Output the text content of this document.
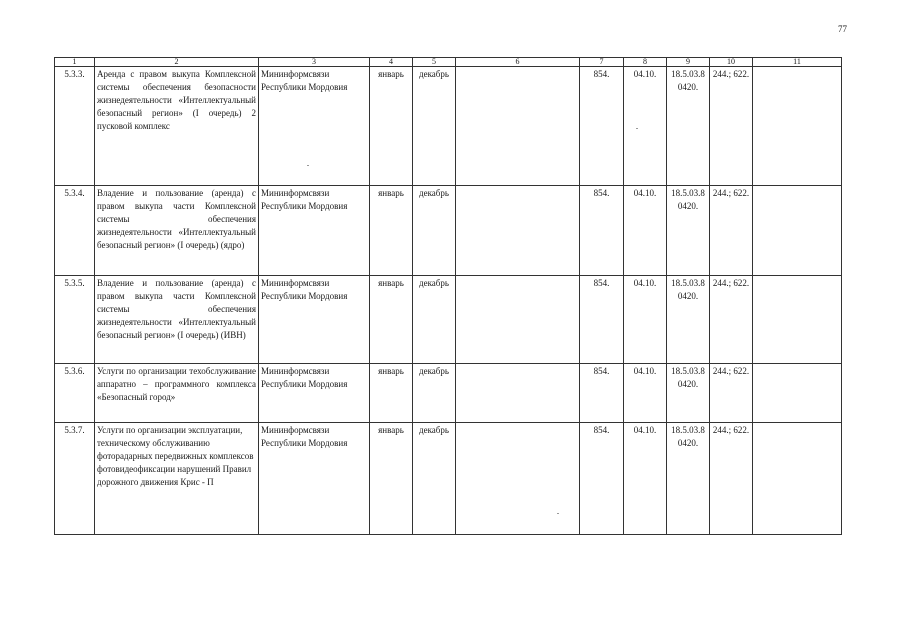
77
1	2	3	4	5	6	7	8	9	10	11
5.3.3.	Аренда с правом выкупа Комплексной системы обеспечения безопасности жизнедеятельности «Интеллектуальный безопасный регион» (I очередь) 2 пусковой комплекс	Мининформсвязи Республики Мордовия	январь	декабрь		854.	04.10.	18.5.03.8 0420.	244.; 622.	
5.3.4.	Владение и пользование (аренда) с правом выкупа части Комплексной системы обеспечения жизнедеятельности «Интеллектуальный безопасный регион» (I очередь) (ядро)	Мининформсвязи Республики Мордовия	январь	декабрь		854.	04.10.	18.5.03.8 0420.	244.; 622.	
5.3.5.	Владение и пользование (аренда) с правом выкупа части Комплексной системы обеспечения жизнедеятельности «Интеллектуальный безопасный регион» (I очередь) (ИВН)	Мининформсвязи Республики Мордовия	январь	декабрь		854.	04.10.	18.5.03.8 0420.	244.; 622.	
5.3.6.	Услуги по организации техобслуживание аппаратно – программного комплекса «Безопасный город»	Мининформсвязи Республики Мордовия	январь	декабрь		854.	04.10.	18.5.03.8 0420.	244.; 622.	
5.3.7.	Услуги по организации эксплуатации, техническому обслуживанию фоторадарных передвижных комплексов фотовидеофиксации нарушений Правил дорожного движения Крис - П	Мининформсвязи Республики Мордовия	январь	декабрь		854.	04.10.	18.5.03.8 0420.	244.; 622.	
